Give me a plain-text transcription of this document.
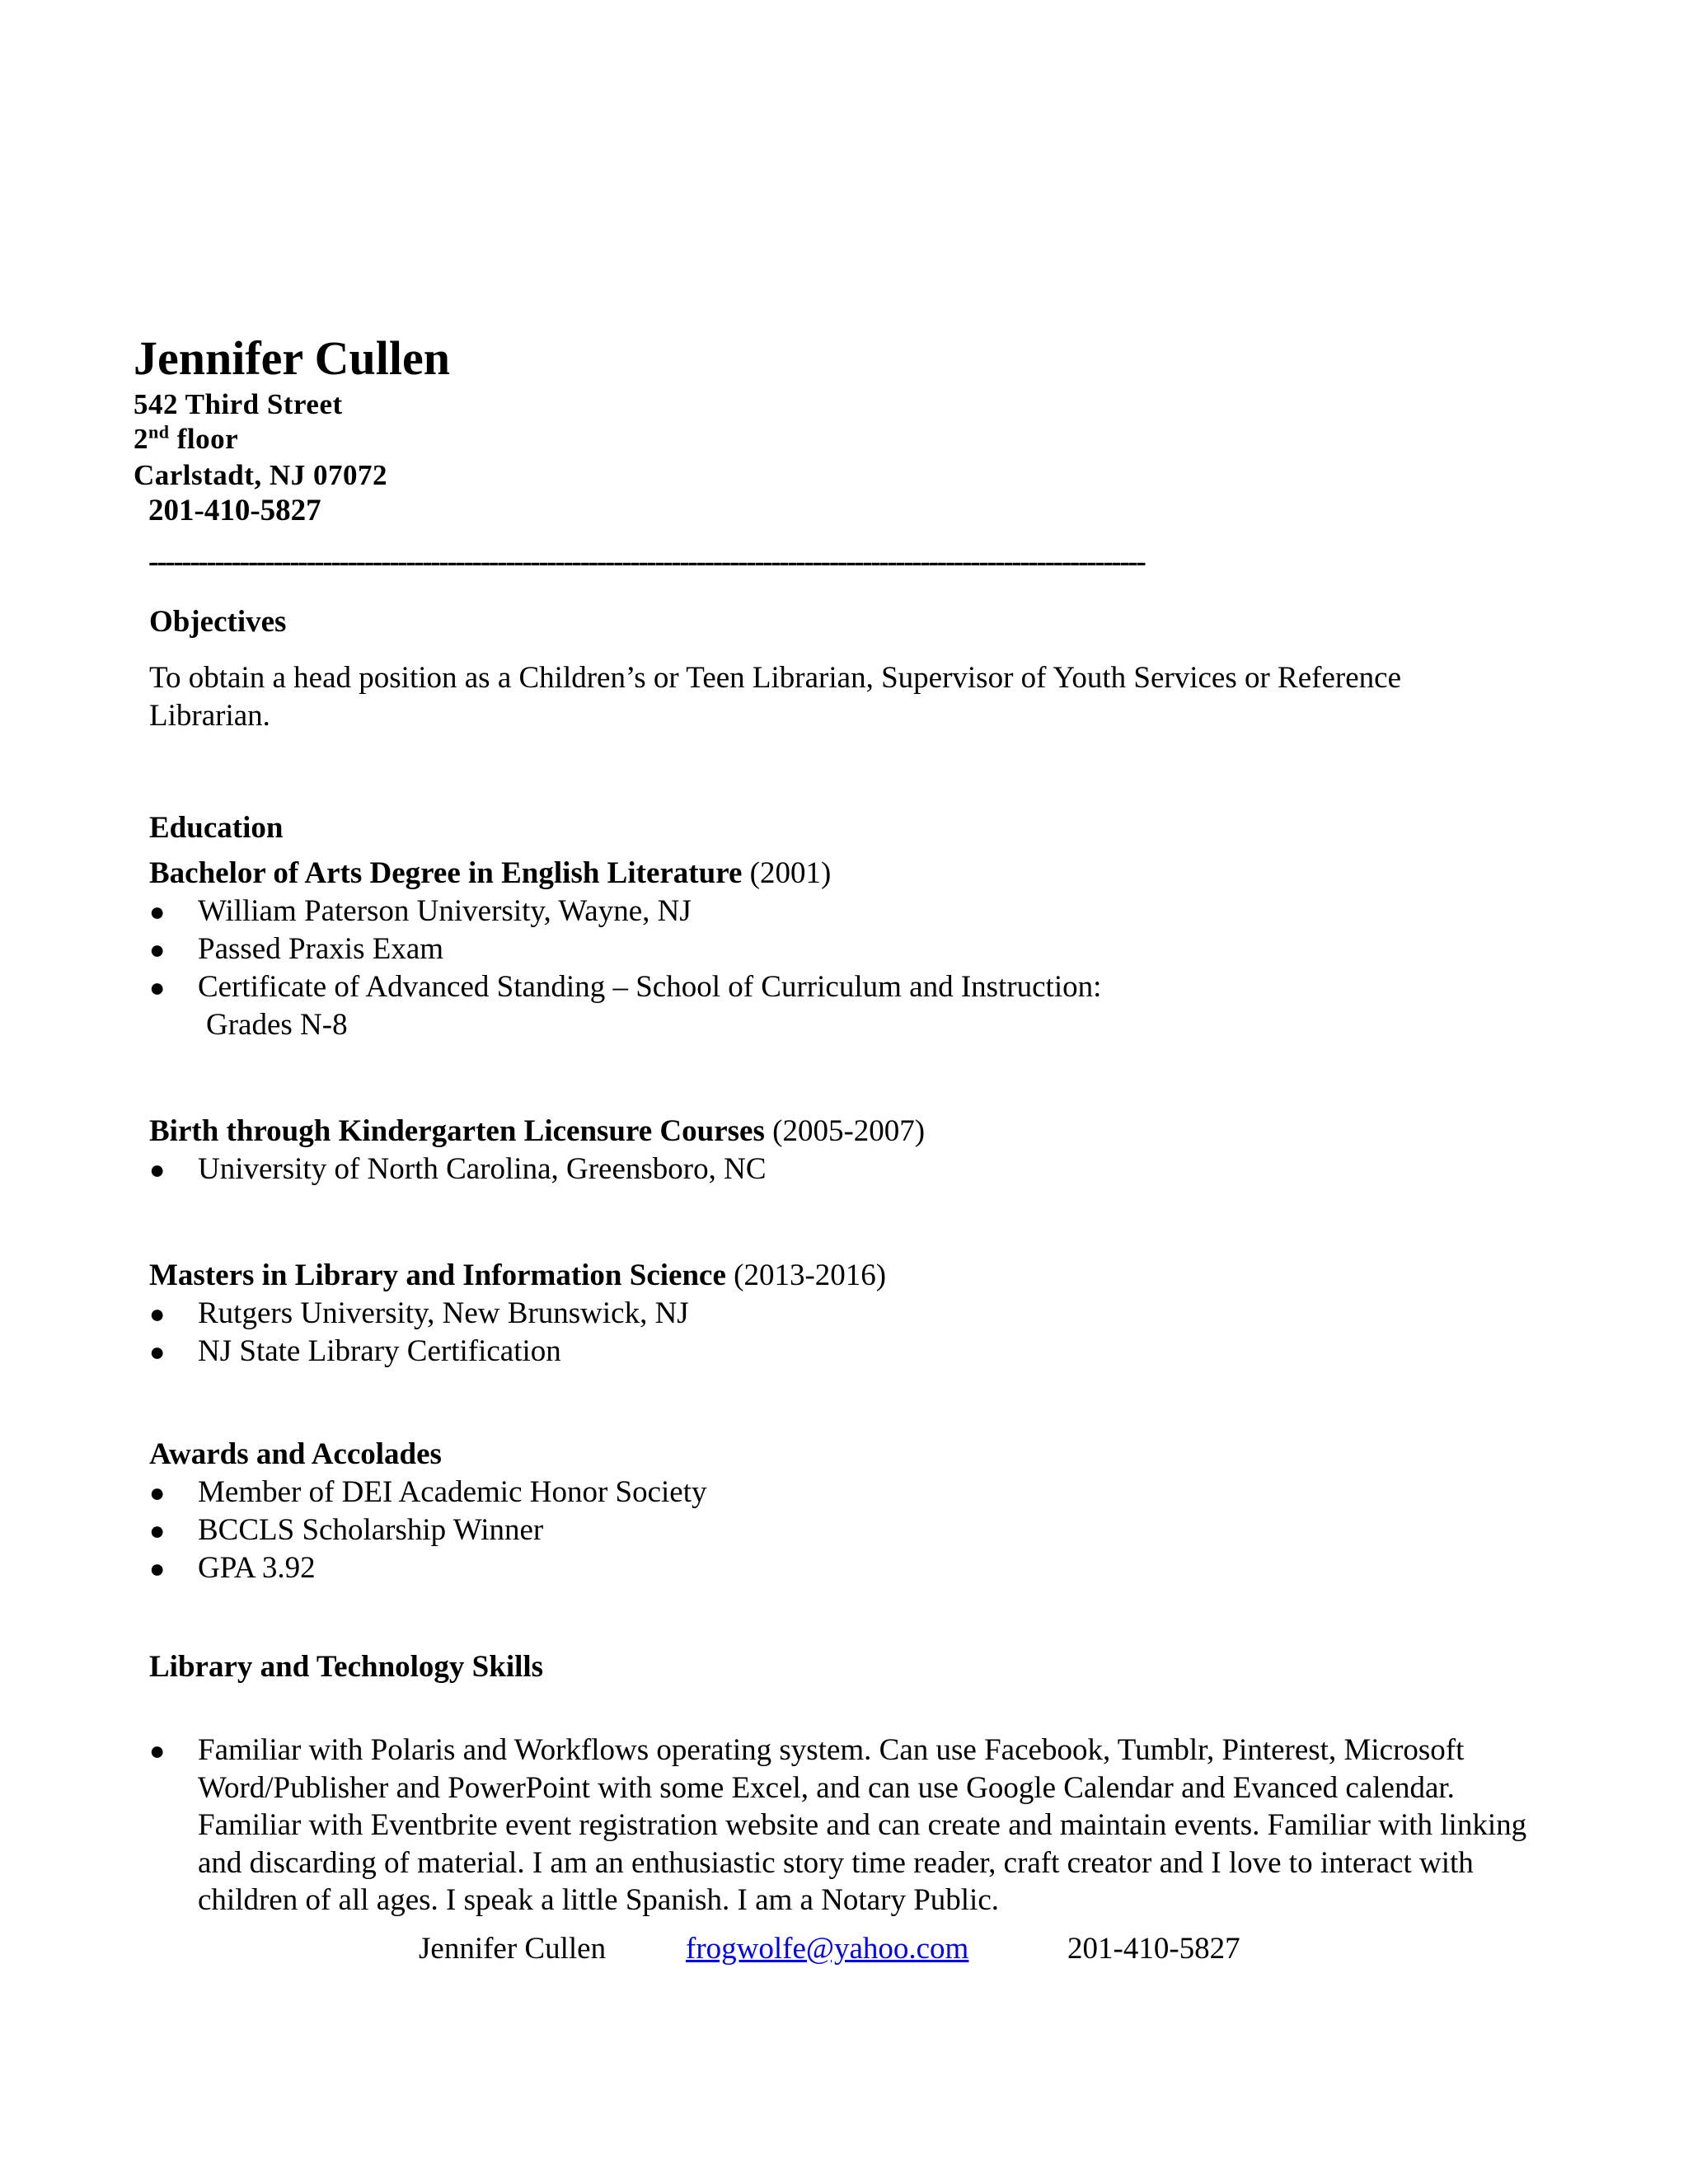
Jennifer Cullen
542 Third Street
2nd floor
Carlstadt, NJ 07072
201-410-5827
------------------------------------------------------------------------------------------------------------------------
Objectives
To obtain a head position as a Children’s or Teen Librarian, Supervisor of Youth Services or Reference Librarian.
Education
Bachelor of Arts Degree in English Literature (2001)
● William Paterson University, Wayne, NJ
● Passed Praxis Exam
● Certificate of Advanced Standing – School of Curriculum and Instruction:
Grades N-8
Birth through Kindergarten Licensure Courses (2005-2007)
● University of North Carolina, Greensboro, NC
Masters in Library and Information Science (2013-2016)
● Rutgers University, New Brunswick, NJ
● NJ State Library Certification
Awards and Accolades
● Member of DEI Academic Honor Society
● BCCLS Scholarship Winner
● GPA 3.92
Library and Technology Skills
● Familiar with Polaris and Workflows operating system. Can use Facebook, Tumblr, Pinterest, Microsoft Word/Publisher and PowerPoint with some Excel, and can use Google Calendar and Evanced calendar. Familiar with Eventbrite event registration website and can create and maintain events. Familiar with linking and discarding of material. I am an enthusiastic story time reader, craft creator and I love to interact with children of all ages. I speak a little Spanish. I am a Notary Public.
Jennifer Cullen	frogwolfe@yahoo.com	201-410-5827
